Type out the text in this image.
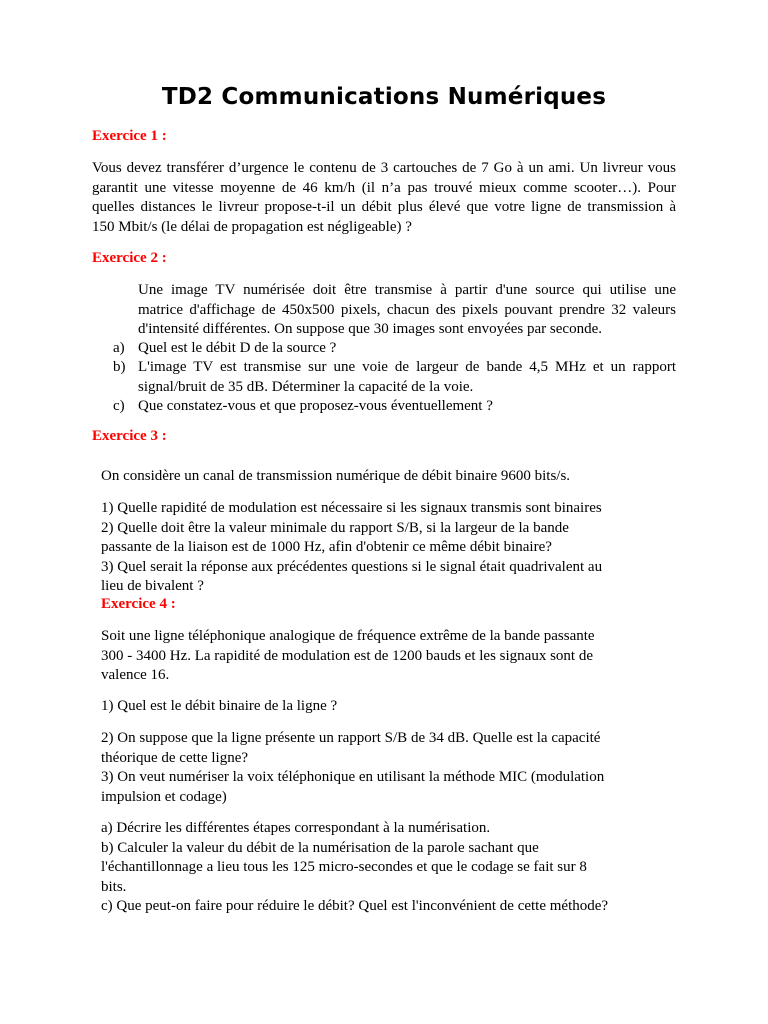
TD2 Communications Numériques
Exercice 1 :
Vous devez transférer d’urgence le contenu de 3 cartouches de 7 Go à un ami. Un livreur vous
garantit une vitesse moyenne de 46 km/h (il n’a pas trouvé mieux comme scooter…). Pour
quelles distances le livreur propose-t-il un débit plus élevé que votre ligne de transmission à
150 Mbit/s (le délai de propagation est négligeable) ?
Exercice 2 :
Une image TV numérisée doit être transmise à partir d'une source qui utilise une
matrice d'affichage de 450x500 pixels, chacun des pixels pouvant prendre 32 valeurs
d'intensité différentes. On suppose que 30 images sont envoyées par seconde.
a) Quel est le débit D de la source ?
b) L'image TV est transmise sur une voie de largeur de bande 4,5 MHz et un rapport
signal/bruit de 35 dB. Déterminer la capacité de la voie.
c) Que constatez-vous et que proposez-vous éventuellement ?
Exercice 3 :
On considère un canal de transmission numérique de débit binaire 9600 bits/s.
1) Quelle rapidité de modulation est nécessaire si les signaux transmis sont binaires
2) Quelle doit être la valeur minimale du rapport S/B, si la largeur de la bande
passante de la liaison est de 1000 Hz, afin d'obtenir ce même débit binaire?
3) Quel serait la réponse aux précédentes questions si le signal était quadrivalent au
lieu de bivalent ?
Exercice 4 :
Soit une ligne téléphonique analogique de fréquence extrême de la bande passante
300 - 3400 Hz. La rapidité de modulation est de 1200 bauds et les signaux sont de
valence 16.
1) Quel est le débit binaire de la ligne ?
2) On suppose que la ligne présente un rapport S/B de 34 dB. Quelle est la capacité
théorique de cette ligne?
3) On veut numériser la voix téléphonique en utilisant la méthode MIC (modulation
impulsion et codage)
a) Décrire les différentes étapes correspondant à la numérisation.
b) Calculer la valeur du débit de la numérisation de la parole sachant que
l'échantillonnage a lieu tous les 125 micro-secondes et que le codage se fait sur 8
bits.
c) Que peut-on faire pour réduire le débit? Quel est l'inconvénient de cette méthode?
